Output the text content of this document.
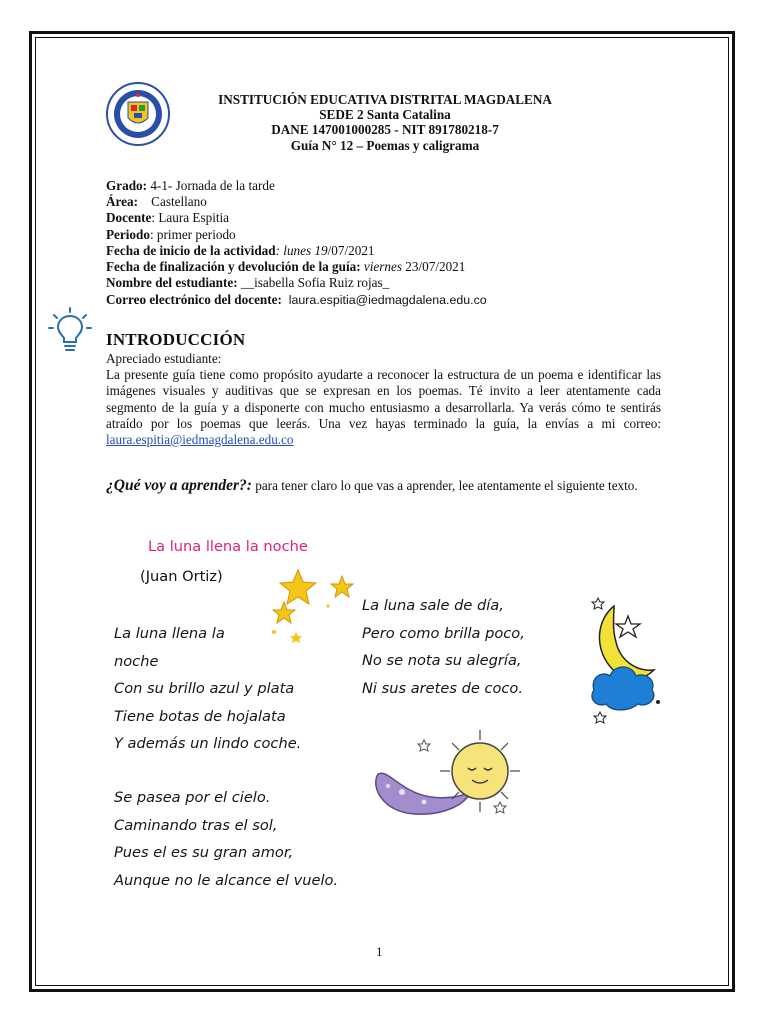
INSTITUCIÓN EDUCATIVA DISTRITAL MAGDALENA
SEDE 2 Santa Catalina
DANE 147001000285 - NIT 891780218-7
Guía N° 12 – Poemas y caligrama
Grado: 4-1- Jornada de la tarde
Área:    Castellano
Docente: Laura Espitia
Periodo: primer periodo
Fecha de inicio de la actividad: lunes 19/07/2021
Fecha de finalización y devolución de la guía: viernes 23/07/2021
Nombre del estudiante: __isabella Sofia Ruiz rojas_
Correo electrónico del docente:  laura.espitia@iedmagdalena.edu.co
INTRODUCCIÓN
Apreciado estudiante:
La presente guía tiene como propósito ayudarte a reconocer la estructura de un poema e identificar las imágenes visuales y auditivas que se expresan en los poemas. Té invito a leer atentamente cada segmento de la guía y a disponerte con mucho entusiasmo a desarrollarla. Ya verás cómo te sentirás atraído por los poemas que leerás. Una vez hayas terminado la guía, la envías a mi correo: laura.espitia@iedmagdalena.edu.co
¿Qué voy a aprender?: para tener claro lo que vas a aprender, lee atentamente el siguiente texto.
La luna llena la noche
(Juan Ortiz)
La luna llena la
noche
Con su brillo azul y plata
Tiene botas de hojalata
Y además un lindo coche.
Se pasea por el cielo.
Caminando tras el sol,
Pues el es su gran amor,
Aunque no le alcance el vuelo.
La luna sale de día,
Pero como brilla poco,
No se nota su alegría,
Ni sus aretes de coco.
1
